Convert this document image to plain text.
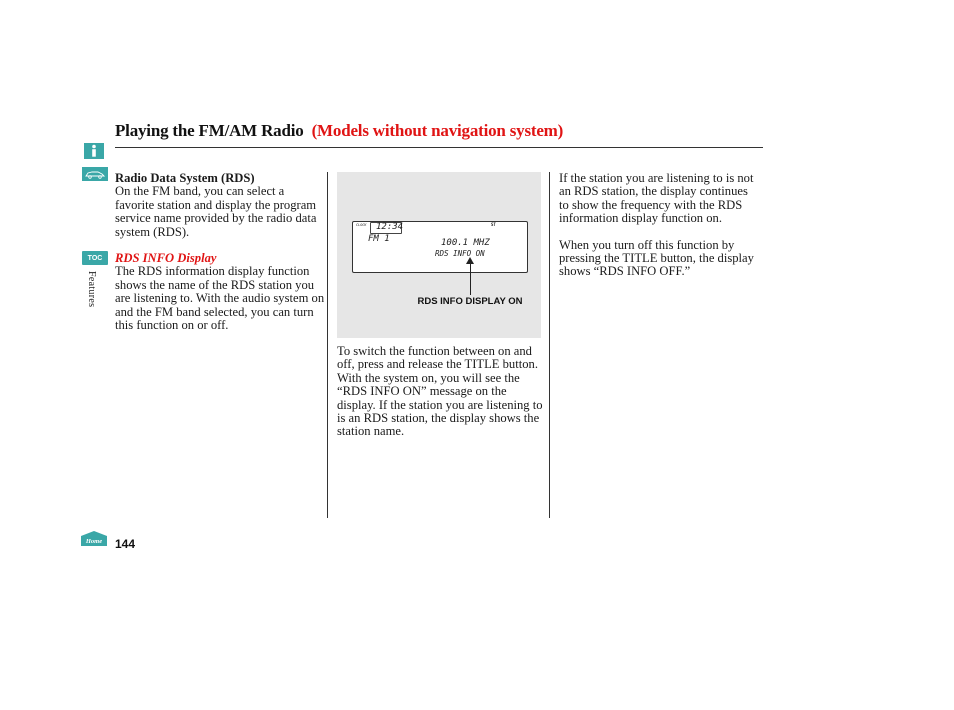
Playing the FM/AM Radio (Models without navigation system)
TOC
Features
Home

Radio Data System (RDS)

On the FM band, you can select a favorite station and display the program service name provided by the radio data system (RDS).

RDS INFO Display

The RDS information display function shows the name of the RDS station you are listening to. With the audio system on and the FM band selected, you can turn this function on or off.

CLOCK 12:34	ST
FM 1	100.1 MHZ
RDS INFO ON
RDS INFO DISPLAY ON

To switch the function between on and off, press and release the TITLE button. With the system on, you will see the “RDS INFO ON” message on the display. If the station you are listening to is an RDS station, the display shows the station name.

If the station you are listening to is not an RDS station, the display continues to show the frequency with the RDS information display function on.

When you turn off this function by pressing the TITLE button, the display shows “RDS INFO OFF.”

144
